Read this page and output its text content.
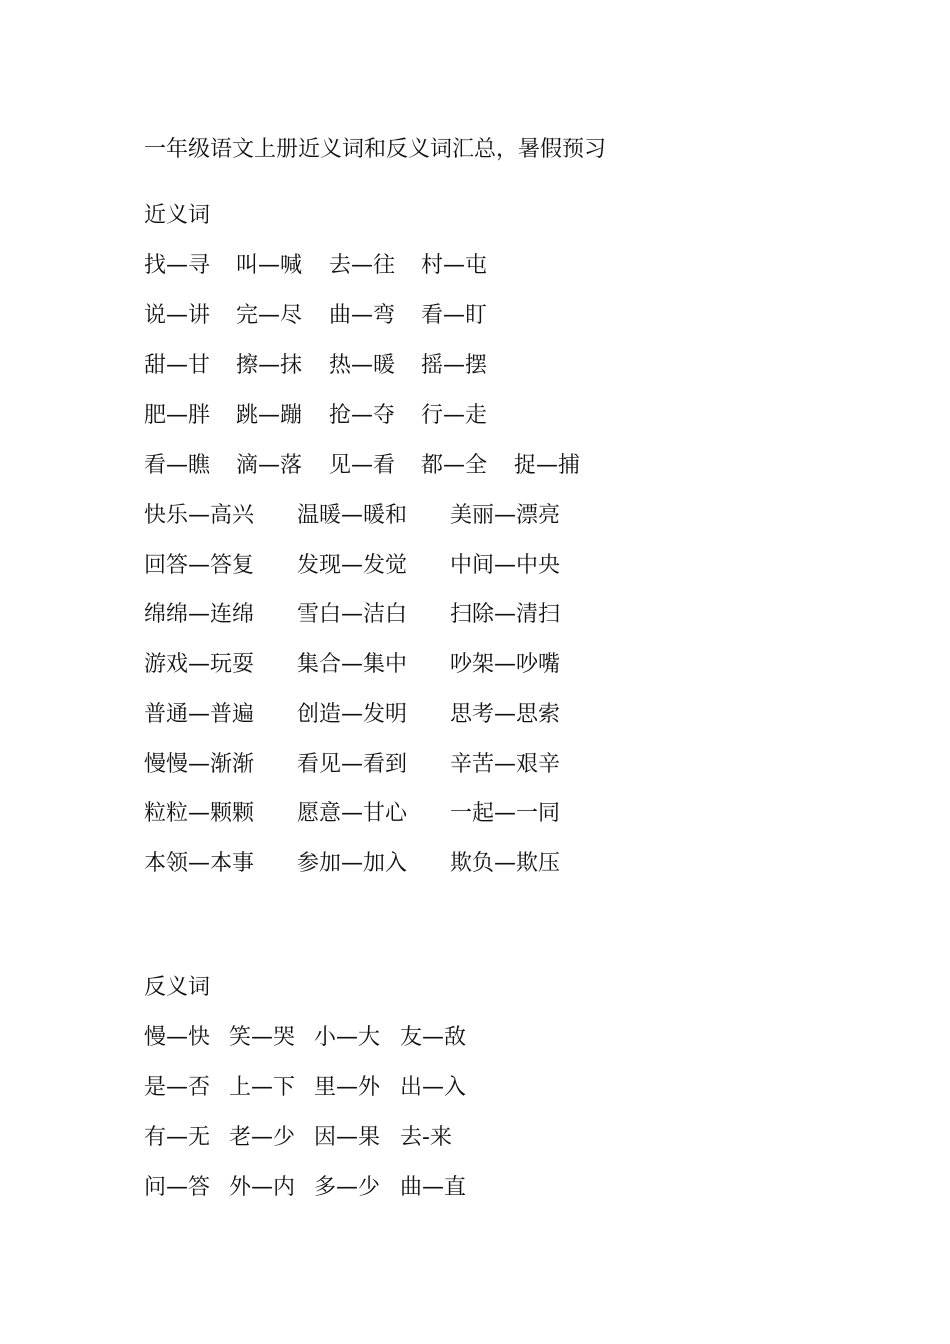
一年级语文上册近义词和反义词汇总，暑假预习
近义词
找—寻 叫—喊 去—往 村—屯
说—讲 完—尽 曲—弯 看—盯
甜—甘 擦—抹 热—暖 摇—摆
肥—胖 跳—蹦 抢—夺 行—走
看—瞧 滴—落 见—看 都—全 捉—捕
快乐—高兴 温暖—暖和 美丽—漂亮
回答—答复 发现—发觉 中间—中央
绵绵—连绵 雪白—洁白 扫除—清扫
游戏—玩耍 集合—集中 吵架—吵嘴
普通—普遍 创造—发明 思考—思索
慢慢—渐渐 看见—看到 辛苦—艰辛
粒粒—颗颗 愿意—甘心 一起—一同
本领—本事 参加—加入 欺负—欺压
反义词
慢—快 笑—哭 小—大 友—敌
是—否 上—下 里—外 出—入
有—无 老—少 因—果 去-来
问—答 外—内 多—少 曲—直
